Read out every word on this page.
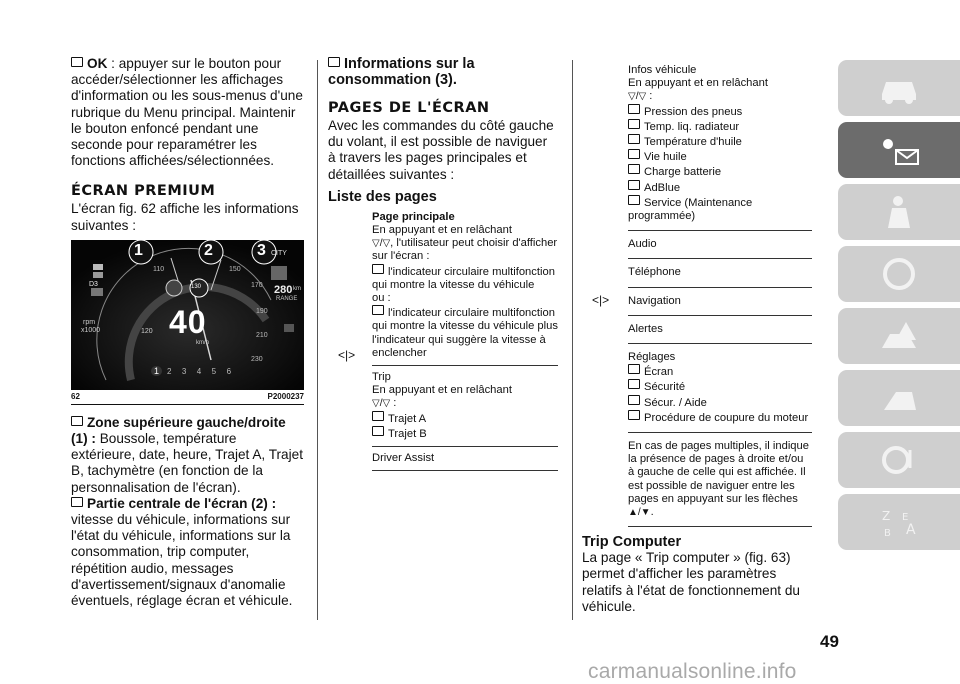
OK : appuyer sur le bouton pour accéder/sélectionner les affichages d'information ou les sous-menus d'une rubrique du Menu principal. Maintenir le bouton enfoncé pendant une seconde pour reparamétrer les fonctions affichées/sélectionnées.

ÉCRAN PREMIUM

L'écran fig. 62 affiche les informations suivantes :

1	2	3 CITY
280 km
RANGE
D3
rpm
x1000
110	150
170
190
210
230
130
120 40
km/h
1 2  3  4  5  6
62	P2000237

Zone supérieure gauche/droite (1) : Boussole, température extérieure, date, heure, Trajet A, Trajet B, tachymètre (en fonction de la personnalisation de l'écran).

Partie centrale de l'écran (2) : vitesse du véhicule, informations sur l'état du véhicule, informations sur la consommation, trip computer, répétition audio, messages d'avertissement/signaux d'anomalie éventuels, réglage écran et véhicule.

Informations sur la consommation (3).

PAGES DE L'ÉCRAN

Avec les commandes du côté gauche du volant, il est possible de naviguer à travers les pages principales et détaillées suivantes :

Liste des pages

<|>

Page principale

En appuyant et en relâchant

▽/▽, l'utilisateur peut choisir d'afficher sur l'écran :

l'indicateur circulaire multifonction qui montre la vitesse du véhicule

ou :

l'indicateur circulaire multifonction qui montre la vitesse du véhicule plus l'indicateur qui suggère la vitesse à enclencher

Trip

En appuyant et en relâchant

▽/▽ :

Trajet A

Trajet B

Driver Assist

<|>

Infos véhicule

En appuyant et en relâchant

▽/▽ :

Pression des pneus

Temp. liq. radiateur

Température d'huile

Vie huile

Charge batterie

AdBlue

Service (Maintenance programmée)

Audio

Téléphone

Navigation

Alertes

Réglages

Écran

Sécurité

Sécur. / Aide

Procédure de coupure du moteur

En cas de pages multiples, il indique la présence de pages à droite et/ou à gauche de celle qui est affichée. Il est possible de naviguer entre les pages en appuyant sur les flèches ▲/▼.

Trip Computer

La page « Trip computer » (fig. 63) permet d'afficher les paramètres relatifs à l'état de fonctionnement du véhicule.

Z E
A
B
49
carmanualsonline.info
